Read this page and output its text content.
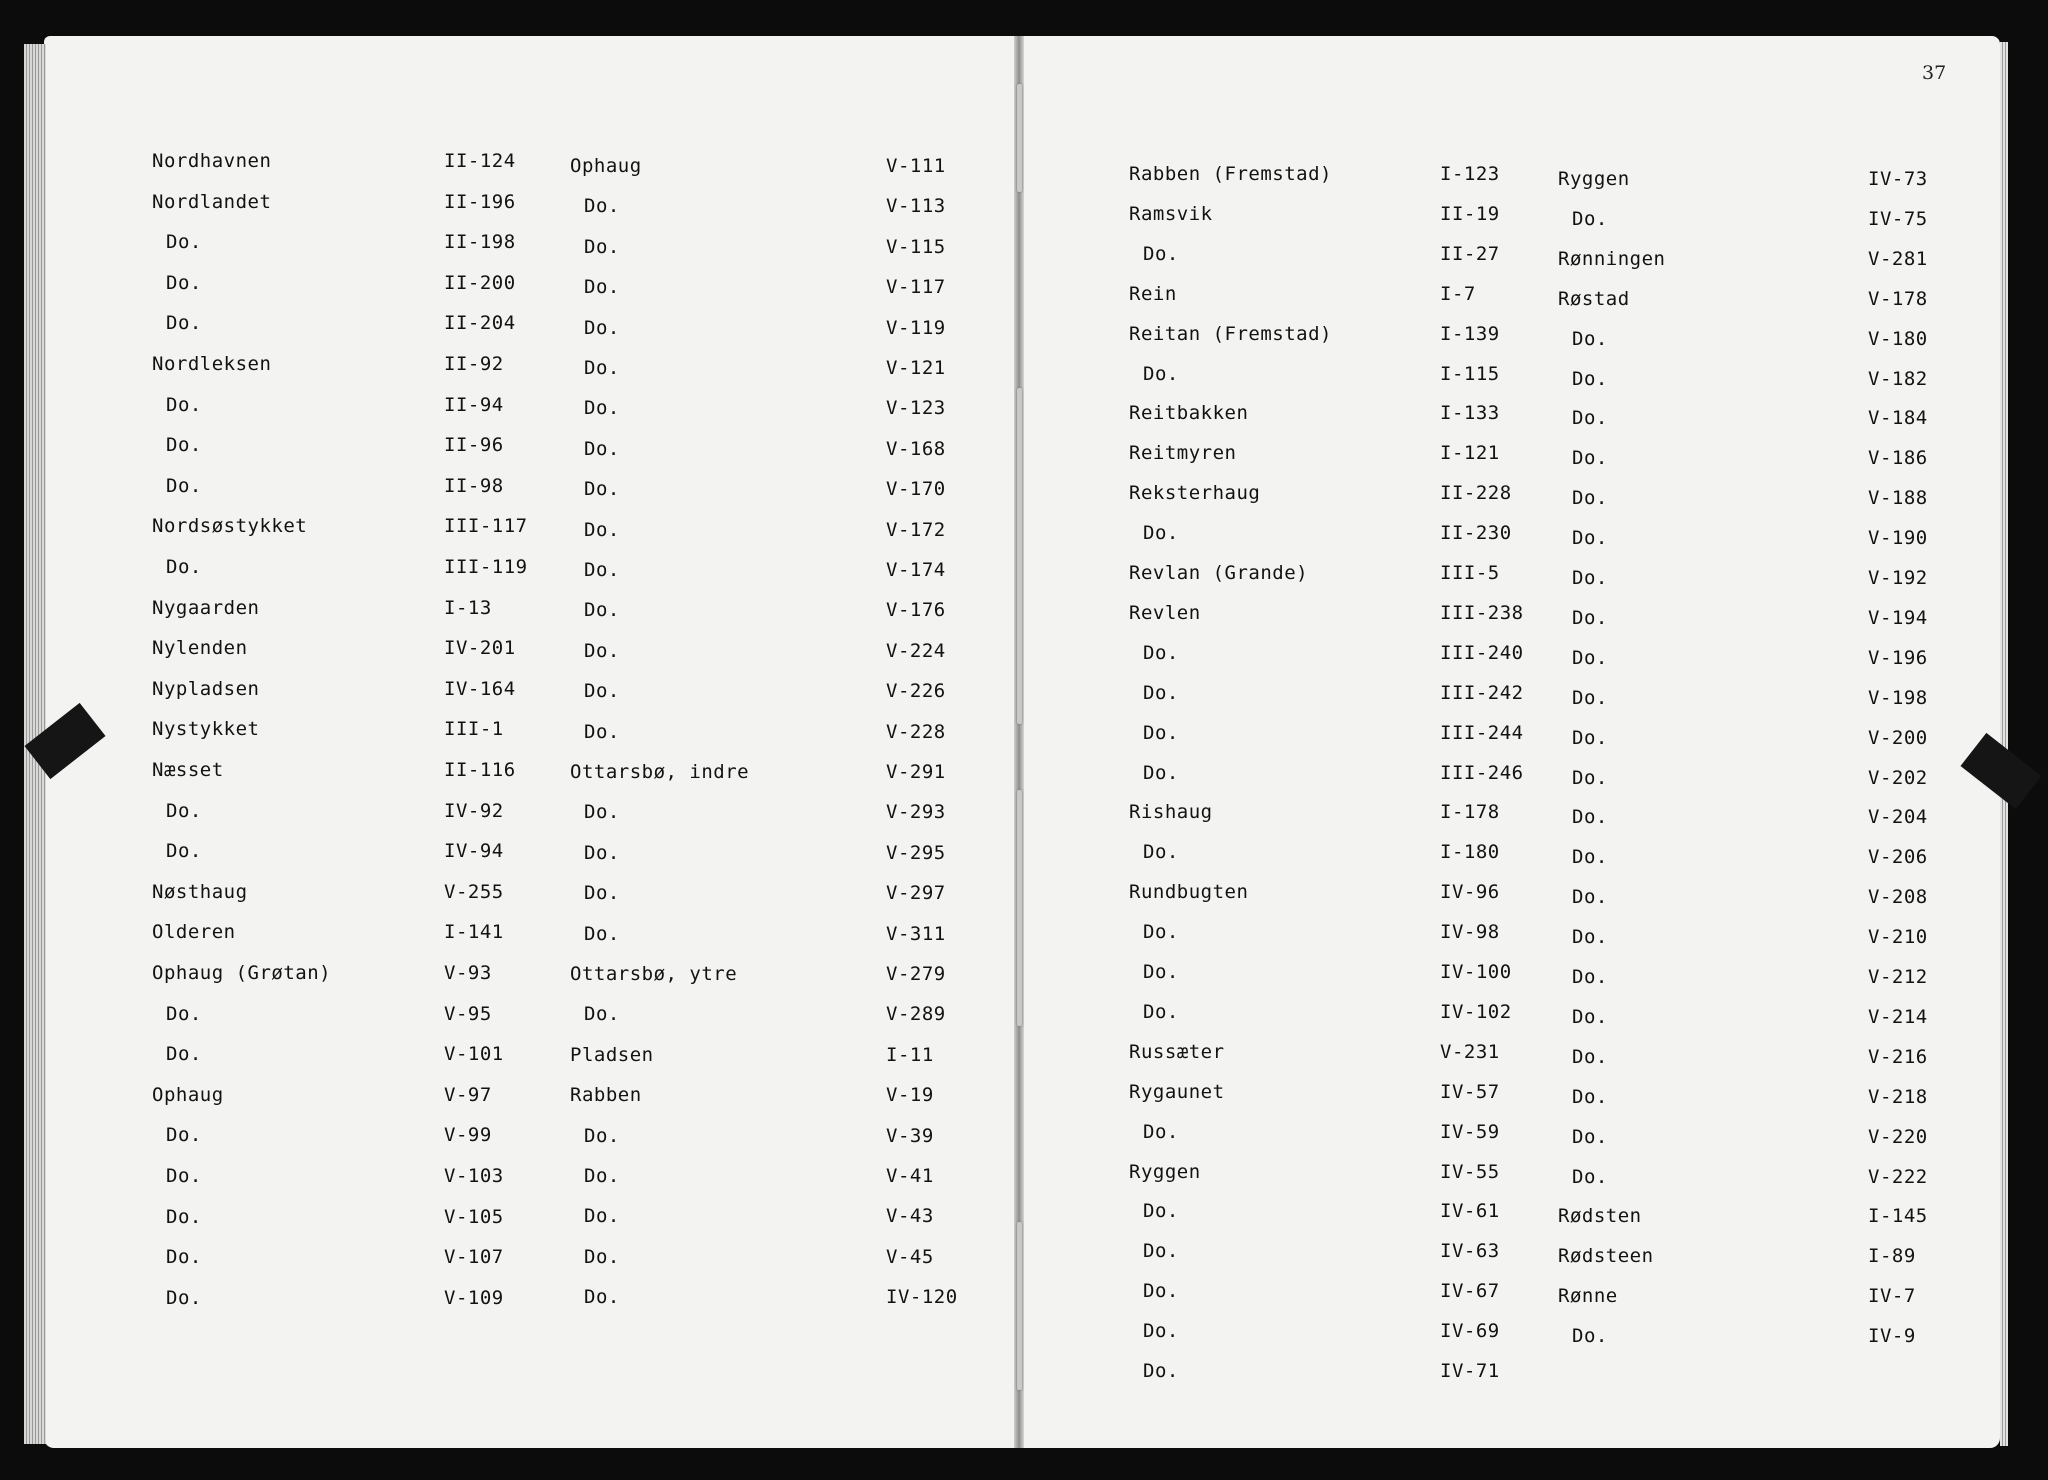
37
Nordhavnen	II-124
Nordlandet	II-196
Do.	II-198
Do.	II-200
Do.	II-204
Nordleksen	II-92
Do.	II-94
Do.	II-96
Do.	II-98
Nordsøstykket	III-117
Do.	III-119
Nygaarden	I-13
Nylenden	IV-201
Nypladsen	IV-164
Nystykket	III-1
Næsset	II-116
Do.	IV-92
Do.	IV-94
Nøsthaug	V-255
Olderen	I-141
Ophaug (Grøtan)	V-93
Do.	V-95
Do.	V-101
Ophaug	V-97
Do.	V-99
Do.	V-103
Do.	V-105
Do.	V-107
Do.	V-109
Ophaug	V-111
Do.	V-113
Do.	V-115
Do.	V-117
Do.	V-119
Do.	V-121
Do.	V-123
Do.	V-168
Do.	V-170
Do.	V-172
Do.	V-174
Do.	V-176
Do.	V-224
Do.	V-226
Do.	V-228
Ottarsbø, indre	V-291
Do.	V-293
Do.	V-295
Do.	V-297
Do.	V-311
Ottarsbø, ytre	V-279
Do.	V-289
Pladsen	I-11
Rabben	V-19
Do.	V-39
Do.	V-41
Do.	V-43
Do.	V-45
Do.	IV-120
Rabben (Fremstad)	I-123
Ramsvik	II-19
Do.	II-27
Rein	I-7
Reitan (Fremstad)	I-139
Do.	I-115
Reitbakken	I-133
Reitmyren	I-121
Reksterhaug	II-228
Do.	II-230
Revlan (Grande)	III-5
Revlen	III-238
Do.	III-240
Do.	III-242
Do.	III-244
Do.	III-246
Rishaug	I-178
Do.	I-180
Rundbugten	IV-96
Do.	IV-98
Do.	IV-100
Do.	IV-102
Russæter	V-231
Rygaunet	IV-57
Do.	IV-59
Ryggen	IV-55
Do.	IV-61
Do.	IV-63
Do.	IV-67
Do.	IV-69
Do.	IV-71
Ryggen	IV-73
Do.	IV-75
Rønningen	V-281
Røstad	V-178
Do.	V-180
Do.	V-182
Do.	V-184
Do.	V-186
Do.	V-188
Do.	V-190
Do.	V-192
Do.	V-194
Do.	V-196
Do.	V-198
Do.	V-200
Do.	V-202
Do.	V-204
Do.	V-206
Do.	V-208
Do.	V-210
Do.	V-212
Do.	V-214
Do.	V-216
Do.	V-218
Do.	V-220
Do.	V-222
Rødsten	I-145
Rødsteen	I-89
Rønne	IV-7
Do.	IV-9
